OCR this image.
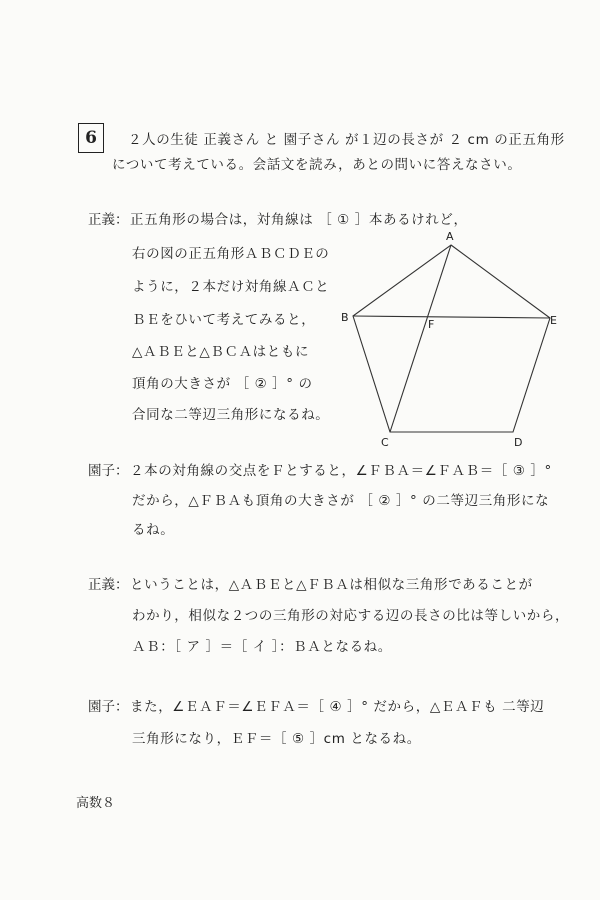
6	２人の生徒 正義さん と 園子さん が１辺の長さが ２ cm の正五角形
について考えている。会話文を読み，あとの問いに答えなさい。
正義： 正五角形の場合は，対角線は ［ ① ］本あるけれど，
右の図の正五角形ＡＢＣＤＥの
ように，２本だけ対角線ＡＣと
ＢＥをひいて考えてみると，
△ＡＢＥと△ＢＣＡはともに
頂角の大きさが ［ ② ］° の
合同な二等辺三角形になるね。
A
B
C	D
E
F
園子： ２本の対角線の交点をＦとすると，∠ＦＢＡ＝∠ＦＡＢ＝［ ③ ］°
だから，△ＦＢＡも頂角の大きさが ［ ② ］° の二等辺三角形にな
るね。
正義： ということは，△ＡＢＥと△ＦＢＡは相似な三角形であることが
わかり，相似な２つの三角形の対応する辺の長さの比は等しいから，
ＡＢ：［ ア ］＝［ イ ］：ＢＡとなるね。
園子： また，∠ＥＡＦ＝∠ＥＦＡ＝［ ④ ］° だから，△ＥＡＦも 二等辺
三角形になり，ＥＦ＝［ ⑤ ］cm となるね。
高数８
